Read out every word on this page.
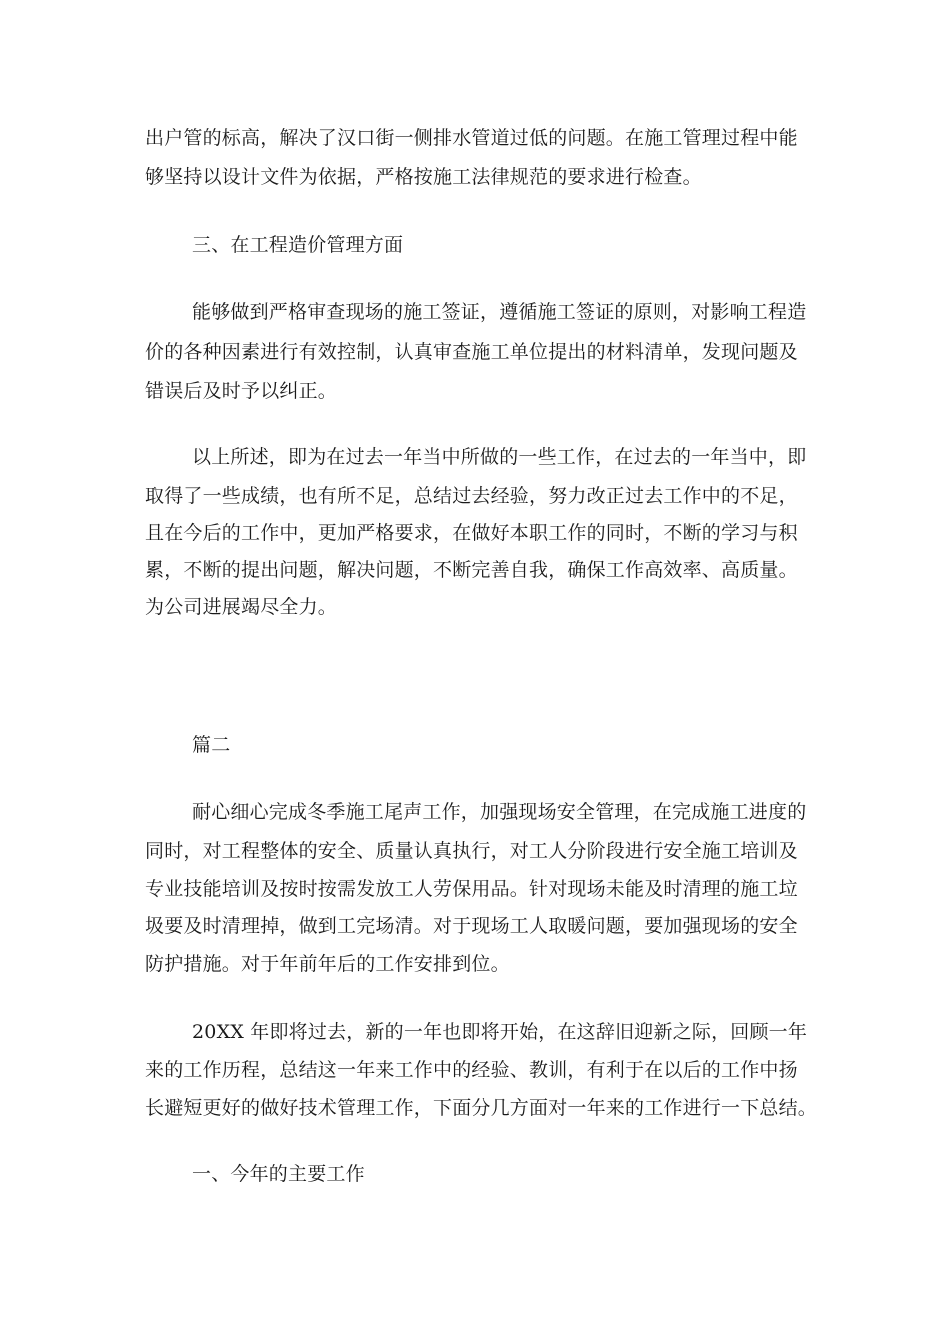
出户管的标高，解决了汉口街一侧排水管道过低的问题。在施工管理过程中能
够坚持以设计文件为依据，严格按施工法律规范的要求进行检查。
三、在工程造价管理方面
能够做到严格审查现场的施工签证，遵循施工签证的原则，对影响工程造
价的各种因素进行有效控制，认真审查施工单位提出的材料清单，发现问题及
错误后及时予以纠正。
以上所述，即为在过去一年当中所做的一些工作，在过去的一年当中，即
取得了一些成绩，也有所不足，总结过去经验，努力改正过去工作中的不足，
且在今后的工作中，更加严格要求，在做好本职工作的同时，不断的学习与积
累，不断的提出问题，解决问题，不断完善自我，确保工作高效率、高质量。
为公司进展竭尽全力。
篇二
耐心细心完成冬季施工尾声工作，加强现场安全管理，在完成施工进度的
同时，对工程整体的安全、质量认真执行，对工人分阶段进行安全施工培训及
专业技能培训及按时按需发放工人劳保用品。针对现场未能及时清理的施工垃
圾要及时清理掉，做到工完场清。对于现场工人取暖问题，要加强现场的安全
防护措施。对于年前年后的工作安排到位。
20XX 年即将过去，新的一年也即将开始，在这辞旧迎新之际，回顾一年
来的工作历程，总结这一年来工作中的经验、教训，有利于在以后的工作中扬
长避短更好的做好技术管理工作，下面分几方面对一年来的工作进行一下总结。
一、今年的主要工作
